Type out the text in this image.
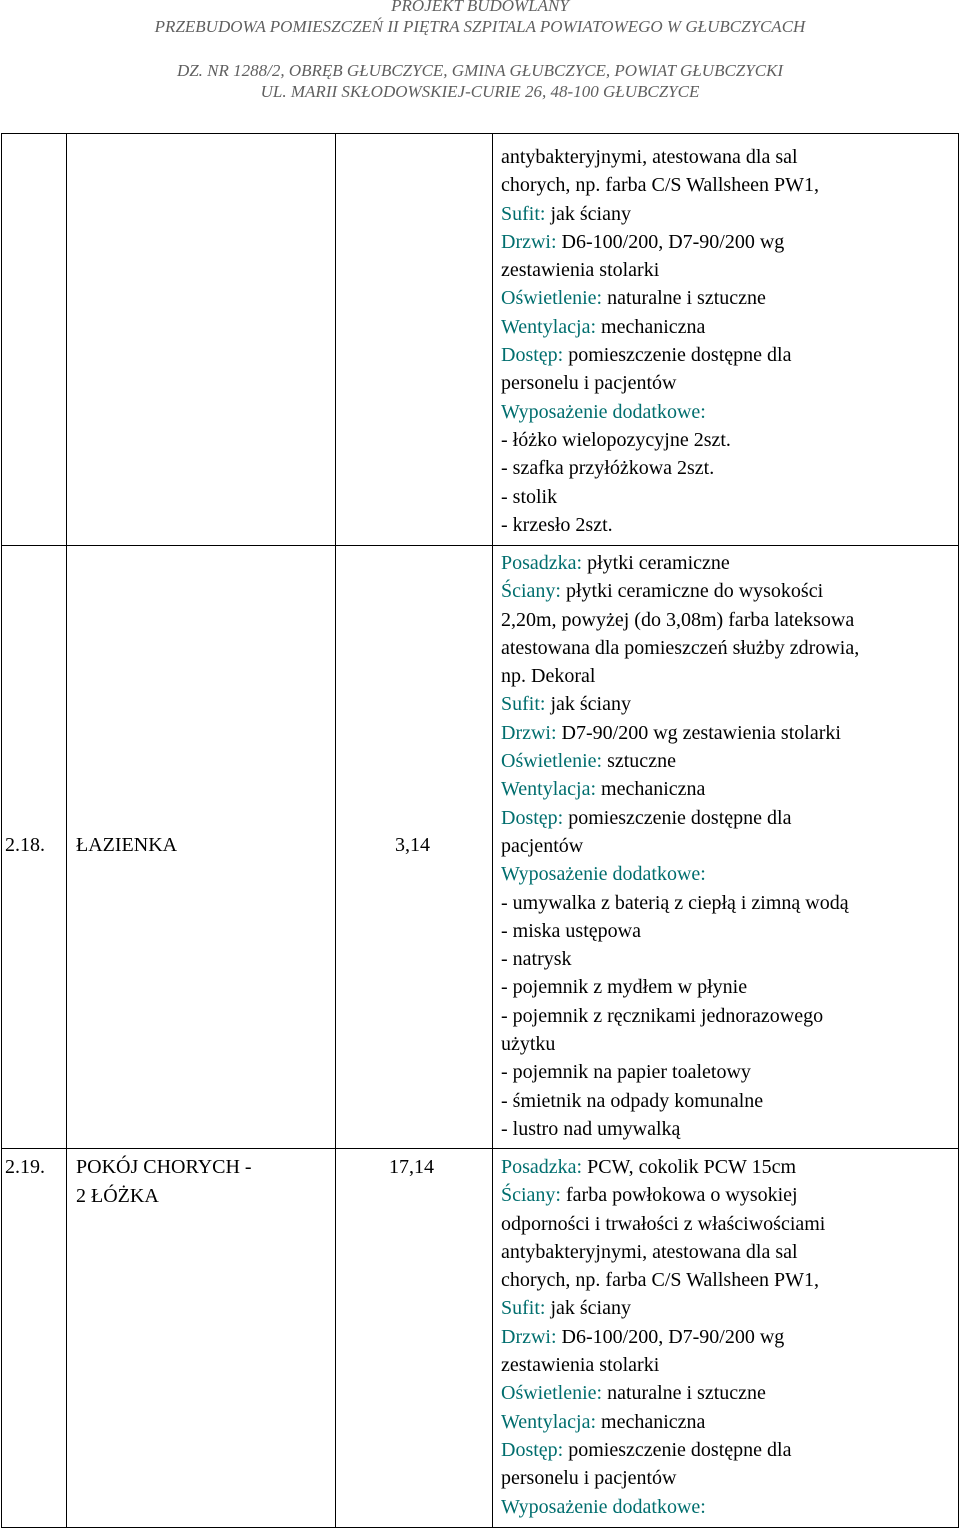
PROJEKT BUDOWLANY
PRZEBUDOWA POMIESZCZEŃ II PIĘTRA SZPITALA POWIATOWEGO W GŁUBCZYCACH
DZ. NR 1288/2, OBRĘB GŁUBCZYCE, GMINA GŁUBCZYCE, POWIAT GŁUBCZYCKI
UL. MARII SKŁODOWSKIEJ-CURIE 26, 48-100 GŁUBCZYCE
antybakteryjnymi, atestowana dla sal
chorych, np. farba C/S Wallsheen PW1,
Sufit: jak ściany
Drzwi: D6-100/200, D7-90/200 wg
zestawienia stolarki
Oświetlenie: naturalne i sztuczne
Wentylacja: mechaniczna
Dostęp: pomieszczenie dostępne dla
personelu i pacjentów
Wyposażenie dodatkowe:
- łóżko wielopozycyjne 2szt.
- szafka przyłóżkowa 2szt.
- stolik
- krzesło 2szt.
2.18. ŁAZIENKA	3,14
Posadzka: płytki ceramiczne
Ściany: płytki ceramiczne do wysokości
2,20m, powyżej (do 3,08m) farba lateksowa
atestowana dla pomieszczeń służby zdrowia,
np. Dekoral
Sufit: jak ściany
Drzwi: D7-90/200 wg zestawienia stolarki
Oświetlenie: sztuczne
Wentylacja: mechaniczna
Dostęp: pomieszczenie dostępne dla
pacjentów
Wyposażenie dodatkowe:
- umywalka z baterią z ciepłą i zimną wodą
- miska ustępowa
- natrysk
- pojemnik z mydłem w płynie
- pojemnik z ręcznikami jednorazowego
użytku
- pojemnik na papier toaletowy
- śmietnik na odpady komunalne
- lustro nad umywalką
2.19. POKÓJ CHORYCH -
2 ŁÓŻKA
17,14	Posadzka: PCW, cokolik PCW 15cm
Ściany: farba powłokowa o wysokiej
odporności i trwałości z właściwościami
antybakteryjnymi, atestowana dla sal
chorych, np. farba C/S Wallsheen PW1,
Sufit: jak ściany
Drzwi: D6-100/200, D7-90/200 wg
zestawienia stolarki
Oświetlenie: naturalne i sztuczne
Wentylacja: mechaniczna
Dostęp: pomieszczenie dostępne dla
personelu i pacjentów
Wyposażenie dodatkowe:
